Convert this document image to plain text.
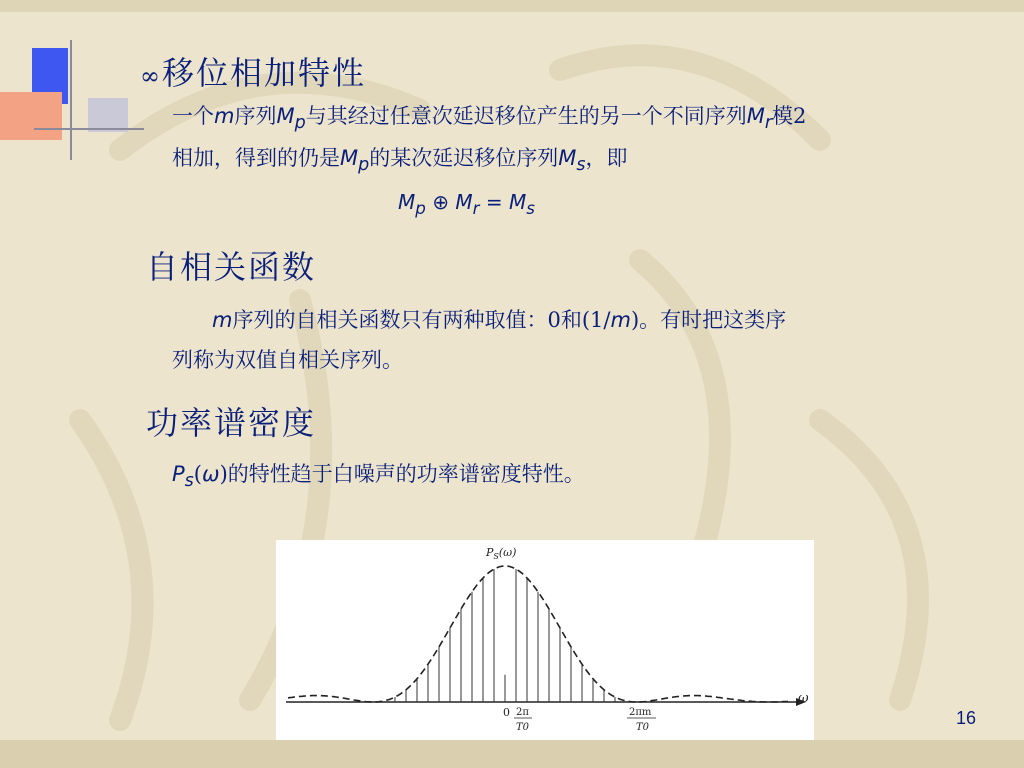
∞移位相加特性
一个m序列$M_p$与其经过任意次延迟移位产生的另一个不同序列$M_r$模2
相加，得到的仍是$M_p$的某次延迟移位序列$M_s$，即
$M_p$ ⊕ $M_r = M_s$
自相关函数
m序列的自相关函数只有两种取值：0和(1/m)。有时把这类序
列称为双值自相关序列。
功率谱密度
$P_s(\omega)$的特性趋于白噪声的功率谱密度特性。
$P_S(\omega)$
ω
0 2π
T0
2πm
T0	16
